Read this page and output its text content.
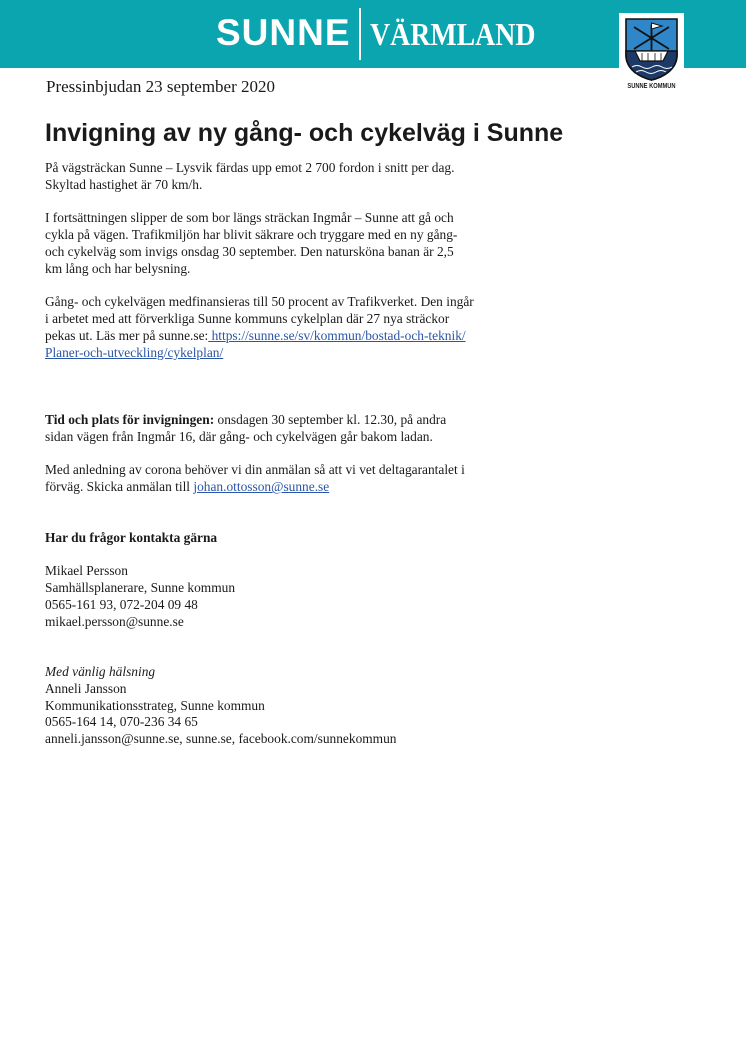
SUNNE VÄRMLAND
SUNNE KOMMUN
Pressinbjudan 23 september 2020
Invigning av ny gång- och cykelväg i Sunne

På vägsträckan Sunne – Lysvik färdas upp emot 2 700 fordon i snitt per dag.
Skyltad hastighet är 70 km/h.

I fortsättningen slipper de som bor längs sträckan Ingmår – Sunne att gå och
cykla på vägen. Trafikmiljön har blivit säkrare och tryggare med en ny gång-
och cykelväg som invigs onsdag 30 september. Den natursköna banan är 2,5
km lång och har belysning.

Gång- och cykelvägen medfinansieras till 50 procent av Trafikverket. Den ingår
i arbetet med att förverkliga Sunne kommuns cykelplan där 27 nya sträckor
pekas ut. Läs mer på sunne.se: https://sunne.se/sv/kommun/bostad-och-teknik/
Planer-och-utveckling/cykelplan/

Tid och plats för invigningen: onsdagen 30 september kl. 12.30, på andra
sidan vägen från Ingmår 16, där gång- och cykelvägen går bakom ladan.

Med anledning av corona behöver vi din anmälan så att vi vet deltagarantalet i
förväg. Skicka anmälan till johan.ottosson@sunne.se

Har du frågor kontakta gärna

Mikael Persson
Samhällsplanerare, Sunne kommun
0565-161 93, 072-204 09 48
mikael.persson@sunne.se

Med vänlig hälsning
Anneli Jansson
Kommunikationsstrateg, Sunne kommun
0565-164 14, 070-236 34 65
anneli.jansson@sunne.se, sunne.se, facebook.com/sunnekommun
